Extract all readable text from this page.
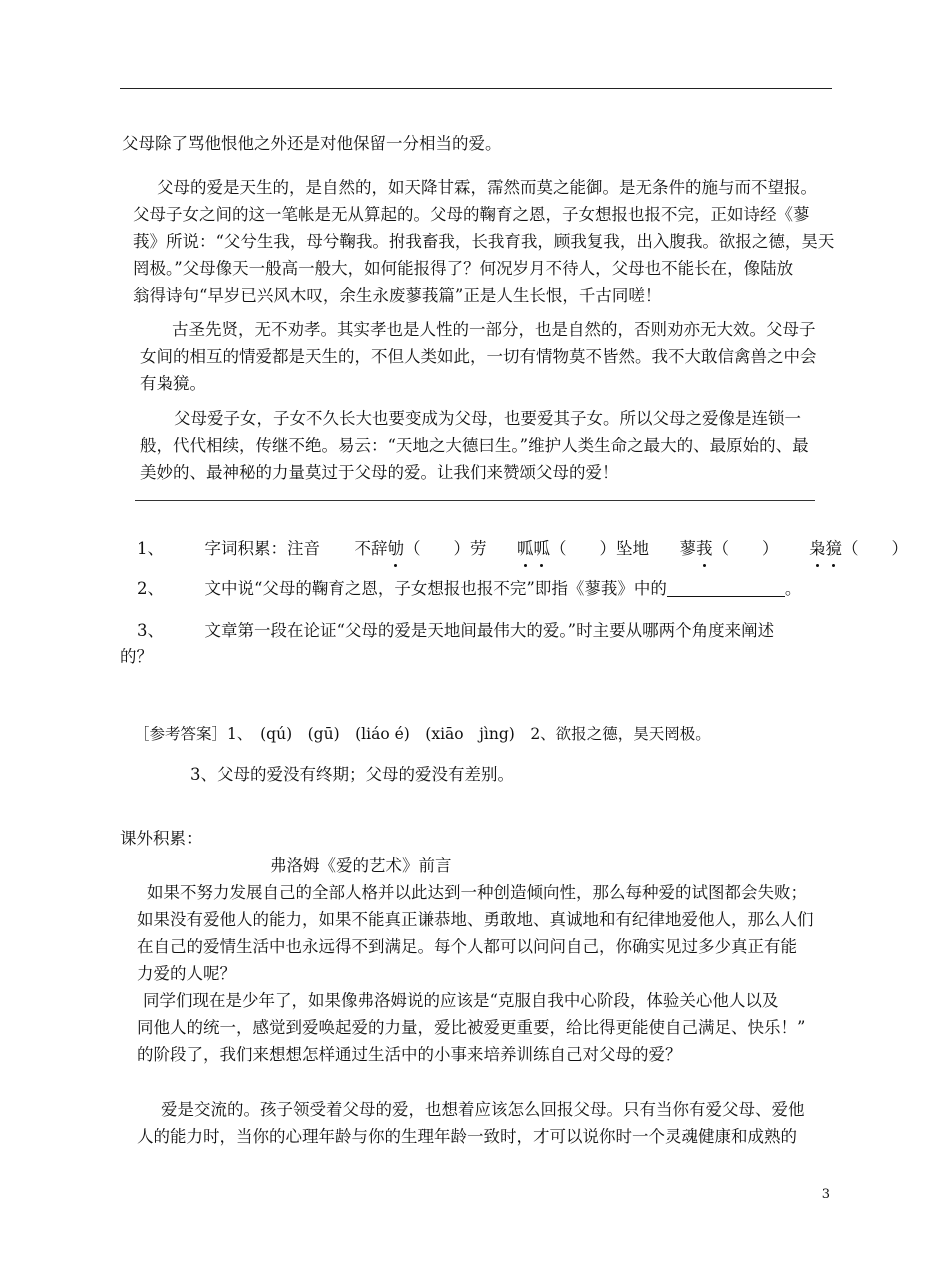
父母除了骂他恨他之外还是对他保留一分相当的爱。
父母的爱是天生的，是自然的，如天降甘霖，霈然而莫之能御。是无条件的施与而不望报。
父母子女之间的这一笔帐是无从算起的。父母的鞠育之恩，子女想报也报不完，正如诗经《蓼
莪》所说：“父兮生我，母兮鞠我。拊我畜我，长我育我，顾我复我，出入腹我。欲报之德，昊天
罔极。”父母像天一般高一般大，如何能报得了？何况岁月不待人，父母也不能长在，像陆放
翁得诗句“早岁已兴风木叹，余生永废蓼莪篇”正是人生长恨，千古同嗟！
古圣先贤，无不劝孝。其实孝也是人性的一部分，也是自然的，否则劝亦无大效。父母子
女间的相互的情爱都是天生的，不但人类如此，一切有情物莫不皆然。我不大敢信禽兽之中会
有枭獍。
父母爱子女，子女不久长大也要变成为父母，也要爱其子女。所以父母之爱像是连锁一
般，代代相续，传继不绝。易云：“天地之大德曰生。”维护人类生命之最大的、最原始的、最
美妙的、最神秘的力量莫过于父母的爱。让我们来赞颂父母的爱！
1、 字词积累：注音 不辞劬（　　）劳 呱呱（　　）坠地 蓼莪（　　） 枭獍（　　）
2、 文中说“父母的鞠育之恩，子女想报也报不完”即指《蓼莪》中的	。
3、 文章第一段在论证“父母的爱是天地间最伟大的爱。”时主要从哪两个角度来阐述
的？
［参考答案］1、　(qú)　(gū)　(liáo é)　(xiāo　jìng)　2、欲报之德，昊天罔极。
3、父母的爱没有终期；父母的爱没有差别。
课外积累：
弗洛姆《爱的艺术》前言
如果不努力发展自己的全部人格并以此达到一种创造倾向性，那么每种爱的试图都会失败；
如果没有爱他人的能力，如果不能真正谦恭地、勇敢地、真诚地和有纪律地爱他人，那么人们
在自己的爱情生活中也永远得不到满足。每个人都可以问问自己，你确实见过多少真正有能
力爱的人呢？
同学们现在是少年了，如果像弗洛姆说的应该是“克服自我中心阶段，体验关心他人以及
同他人的统一，感觉到爱唤起爱的力量，爱比被爱更重要，给比得更能使自己满足、快乐！”
的阶段了，我们来想想怎样通过生活中的小事来培养训练自己对父母的爱？
爱是交流的。孩子领受着父母的爱，也想着应该怎么回报父母。只有当你有爱父母、爱他
人的能力时，当你的心理年龄与你的生理年龄一致时，才可以说你时一个灵魂健康和成熟的
3
